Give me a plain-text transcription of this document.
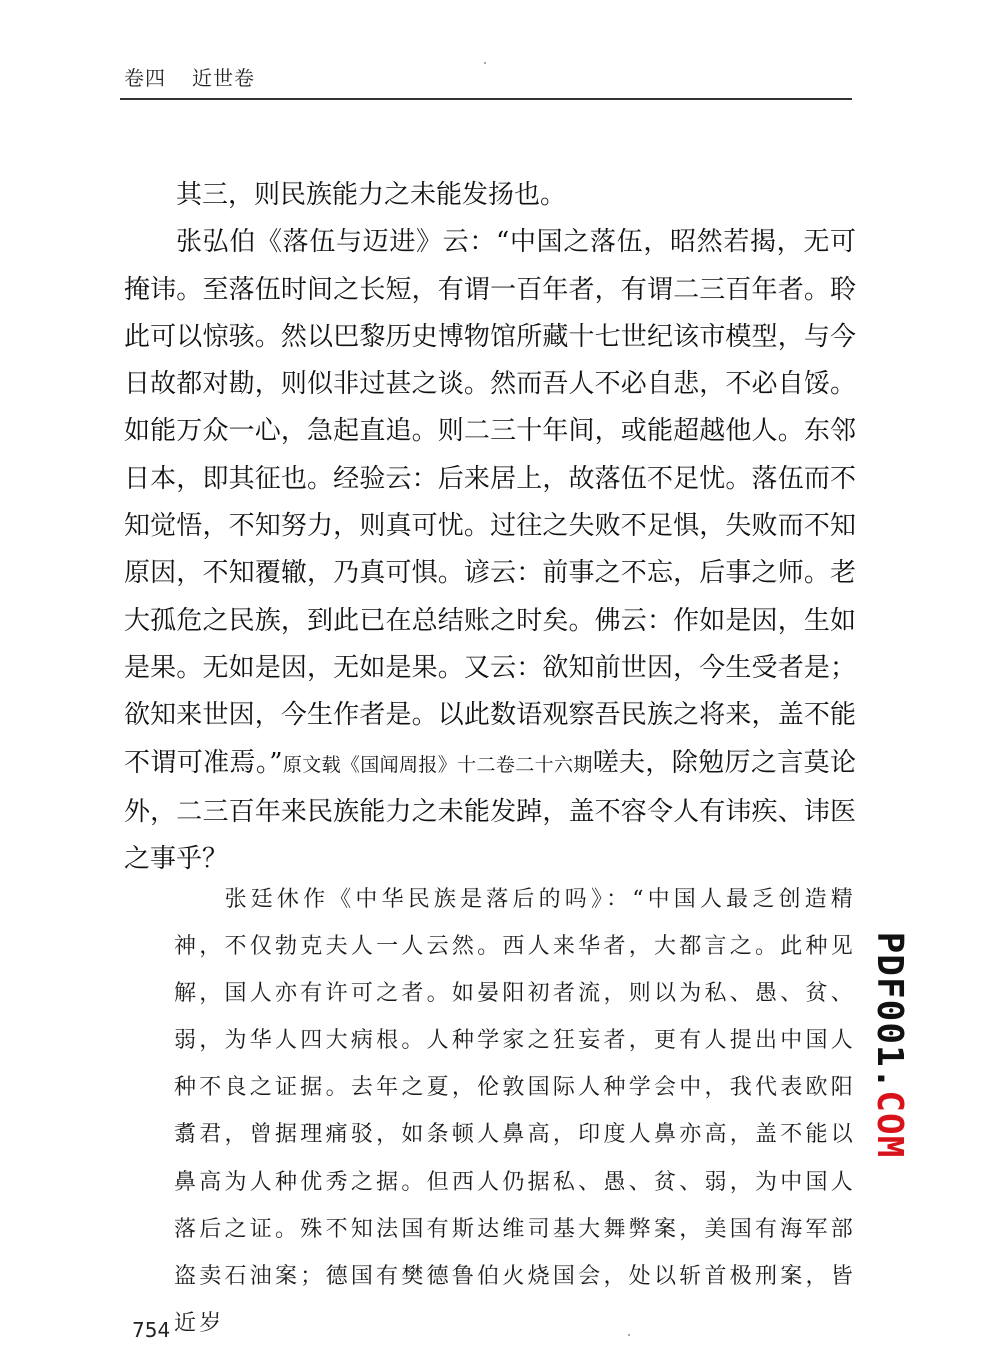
卷四 近世卷

其三，则民族能力之未能发扬也。

张弘伯《落伍与迈进》云：“中国之落伍，昭然若揭，无可掩讳。至落伍时间之长短，有谓一百年者，有谓二三百年者。聆此可以惊骇。然以巴黎历史博物馆所藏十七世纪该市模型，与今日故都对勘，则似非过甚之谈。然而吾人不必自悲，不必自馁。如能万众一心，急起直追。则二三十年间，或能超越他人。东邻日本，即其征也。经验云：后来居上，故落伍不足忧。落伍而不知觉悟，不知努力，则真可忧。过往之失败不足惧，失败而不知原因，不知覆辙，乃真可惧。谚云：前事之不忘，后事之师。老大孤危之民族，到此已在总结账之时矣。佛云：作如是因，生如是果。无如是因，无如是果。又云：欲知前世因，今生受者是；欲知来世因，今生作者是。以此数语观察吾民族之将来，盖不能不谓可准焉。”原文载《国闻周报》十二卷二十六期嗟夫，除勉厉之言莫论外，二三百年来民族能力之未能发踔，盖不容令人有讳疾、讳医之事乎？

张廷休作《中华民族是落后的吗》：“中国人最乏创造精神，不仅勃克夫人一人云然。西人来华者，大都言之。此种见解，国人亦有许可之者。如晏阳初者流，则以为私、愚、贫、弱，为华人四大病根。人种学家之狂妄者，更有人提出中国人种不良之证据。去年之夏，伦敦国际人种学会中，我代表欧阳翥君，曾据理痛驳，如条顿人鼻高，印度人鼻亦高，盖不能以鼻高为人种优秀之据。但西人仍据私、愚、贫、弱，为中国人落后之证。殊不知法国有斯达维司基大舞弊案，美国有海军部盗卖石油案；德国有樊德鲁伯火烧国会，处以斩首极刑案，皆近岁

PDF001.COM
754
